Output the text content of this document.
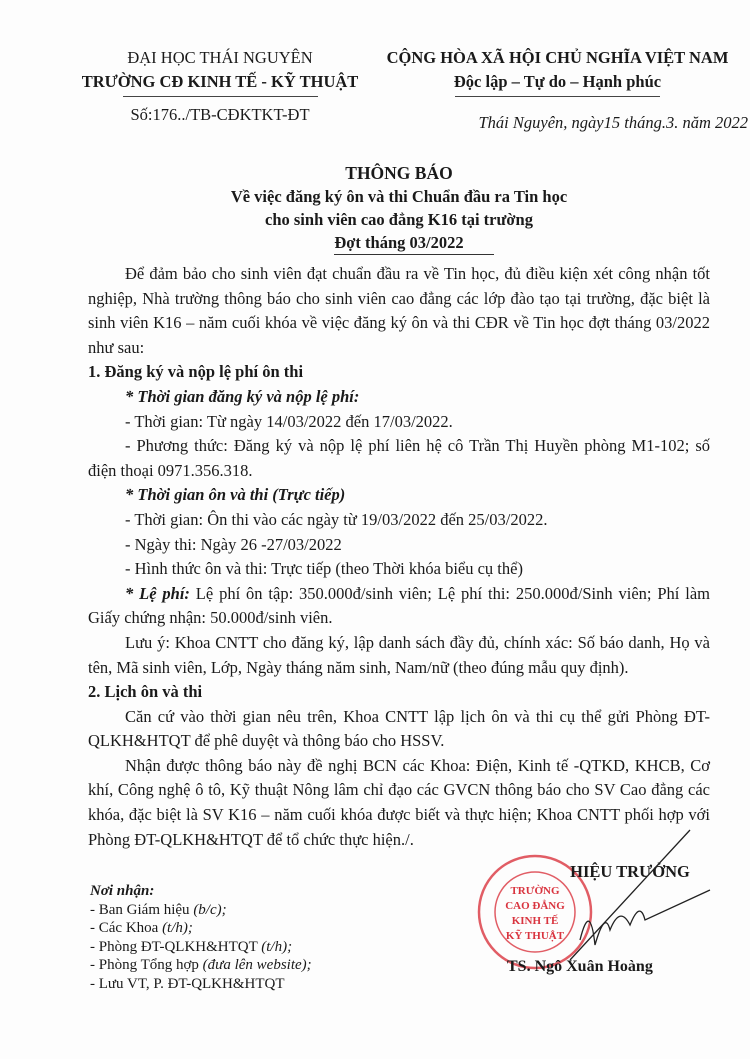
ĐẠI HỌC THÁI NGUYÊN
TRƯỜNG CĐ KINH TẾ - KỸ THUẬT
Số:176../TB-CĐKTKT-ĐT
CỘNG HÒA XÃ HỘI CHỦ NGHĨA VIỆT NAM
Độc lập – Tự do – Hạnh phúc
Thái Nguyên, ngày15 tháng.3. năm 2022
THÔNG BÁO
Về việc đăng ký ôn và thi Chuẩn đầu ra Tin học
cho sinh viên cao đẳng K16 tại trường
Đợt tháng 03/2022

Để đảm bảo cho sinh viên đạt chuẩn đầu ra về Tin học, đủ điều kiện xét công nhận tốt nghiệp, Nhà trường thông báo cho sinh viên cao đẳng các lớp đào tạo tại trường, đặc biệt là sinh viên K16 – năm cuối khóa về việc đăng ký ôn và thi CĐR về Tin học đợt tháng 03/2022 như sau:

1. Đăng ký và nộp lệ phí ôn thi

* Thời gian đăng ký và nộp lệ phí:

- Thời gian: Từ ngày 14/03/2022 đến 17/03/2022.

- Phương thức: Đăng ký và nộp lệ phí liên hệ cô Trần Thị Huyền phòng M1-102; số điện thoại 0971.356.318.

* Thời gian ôn và thi (Trực tiếp)

- Thời gian: Ôn thi vào các ngày từ 19/03/2022 đến 25/03/2022.

- Ngày thi: Ngày 26 -27/03/2022

- Hình thức ôn và thi: Trực tiếp (theo Thời khóa biểu cụ thể)

* Lệ phí: Lệ phí ôn tập: 350.000đ/sinh viên; Lệ phí thi: 250.000đ/Sinh viên; Phí làm Giấy chứng nhận: 50.000đ/sinh viên.

Lưu ý: Khoa CNTT cho đăng ký, lập danh sách đầy đủ, chính xác: Số báo danh, Họ và tên, Mã sinh viên, Lớp, Ngày tháng năm sinh, Nam/nữ (theo đúng mẫu quy định).

2. Lịch ôn và thi

Căn cứ vào thời gian nêu trên, Khoa CNTT lập lịch ôn và thi cụ thể gửi Phòng ĐT-QLKH&HTQT để phê duyệt và thông báo cho HSSV.

Nhận được thông báo này đề nghị BCN các Khoa: Điện, Kinh tế -QTKD, KHCB, Cơ khí, Công nghệ ô tô, Kỹ thuật Nông lâm chỉ đạo các GVCN thông báo cho SV Cao đẳng các khóa, đặc biệt là SV K16 – năm cuối khóa được biết và thực hiện; Khoa CNTT phối hợp với Phòng ĐT-QLKH&HTQT để tổ chức thực hiện./.

Nơi nhận:
- Ban Giám hiệu (b/c);
- Các Khoa (t/h);
- Phòng ĐT-QLKH&HTQT (t/h);
- Phòng Tổng hợp (đưa lên website);
- Lưu VT, P. ĐT-QLKH&HTQT
TRƯỜNG
CAO ĐẲNG
KINH TẾ
KỸ THUẬT
HIỆU TRƯỞNG
TS. Ngô Xuân Hoàng
